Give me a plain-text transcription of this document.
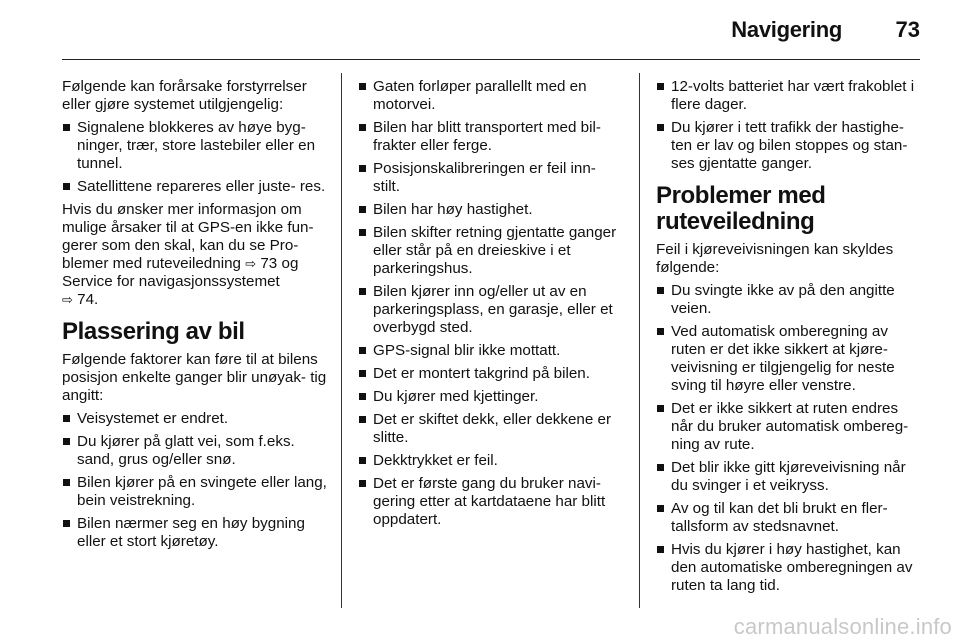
Navigering 73

Følgende kan forårsake forstyrrelser eller gjøre systemet utilgjengelig:

Signalene blokkeres av høye byg- ninger, trær, store lastebiler eller en tunnel.
Satellittene repareres eller juste- res.

Hvis du ønsker mer informasjon om mulige årsaker til at GPS-en ikke fun- gerer som den skal, kan du se Pro- blemer med ruteveiledning ⇨ 73 og Service for navigasjonssystemet
⇨ 74.

Plassering av bil

Følgende faktorer kan føre til at bilens posisjon enkelte ganger blir unøyak- tig angitt:

Veisystemet er endret.
Du kjører på glatt vei, som f.eks. sand, grus og/eller snø.
Bilen kjører på en svingete eller lang, bein veistrekning.
Bilen nærmer seg en høy bygning eller et stort kjøretøy.
Gaten forløper parallellt med en motorvei.
Bilen har blitt transportert med bil- frakter eller ferge.
Posisjonskalibreringen er feil inn- stilt.
Bilen har høy hastighet.
Bilen skifter retning gjentatte ganger eller står på en dreieskive i et parkeringshus.
Bilen kjører inn og/eller ut av en parkeringsplass, en garasje, eller et overbygd sted.
GPS-signal blir ikke mottatt.
Det er montert takgrind på bilen.
Du kjører med kjettinger.
Det er skiftet dekk, eller dekkene er slitte.
Dekktrykket er feil.
Det er første gang du bruker navi- gering etter at kartdataene har blitt oppdatert.
12-volts batteriet har vært frakoblet i flere dager.
Du kjører i tett trafikk der hastighe- ten er lav og bilen stoppes og stan- ses gjentatte ganger.
Problemer med ruteveiledning

Feil i kjøreveivisningen kan skyldes følgende:

Du svingte ikke av på den angitte veien.
Ved automatisk omberegning av ruten er det ikke sikkert at kjøre- veivisning er tilgjengelig for neste sving til høyre eller venstre.
Det er ikke sikkert at ruten endres når du bruker automatisk ombereg- ning av rute.
Det blir ikke gitt kjøreveivisning når du svinger i et veikryss.
Av og til kan det bli brukt en fler- tallsform av stedsnavnet.
Hvis du kjører i høy hastighet, kan den automatiske omberegningen av ruten ta lang tid.
carmanualsonline.info
